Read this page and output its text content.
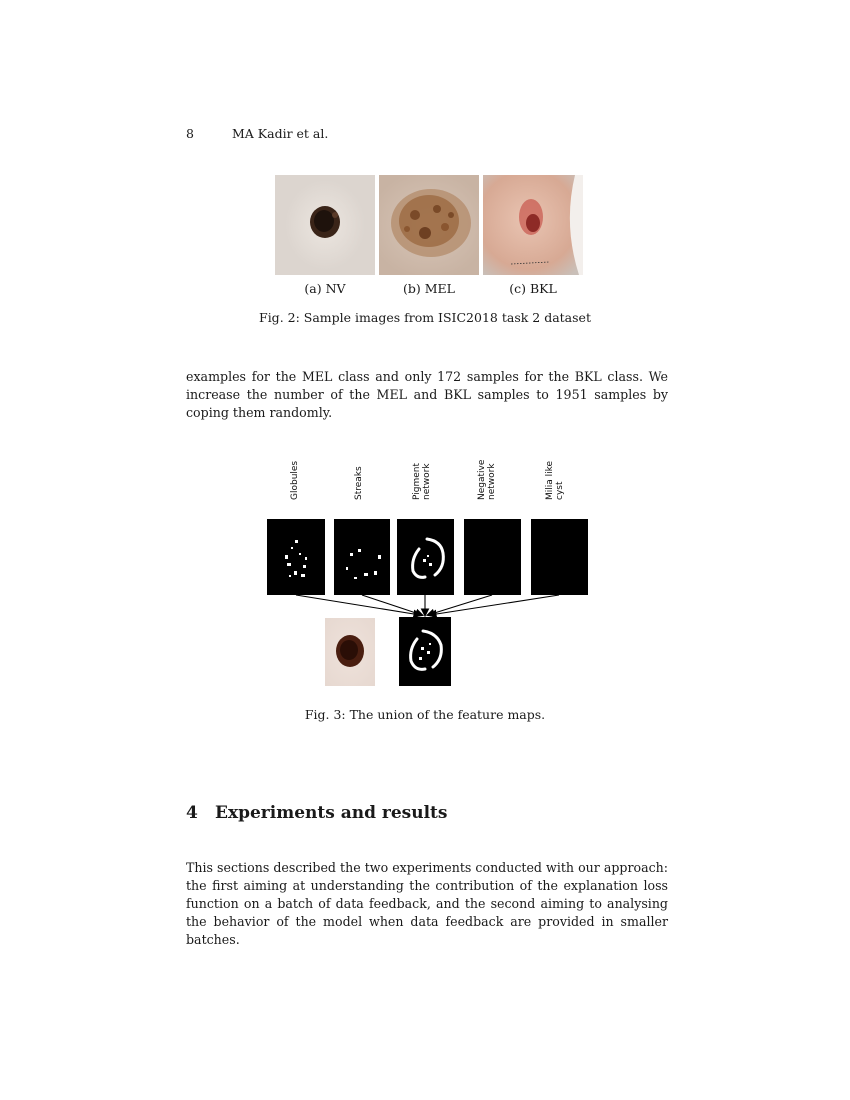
8	MA Kadir et al.
(a) NV	(b) MEL	(c) BKL
Fig. 2: Sample images from ISIC2018 task 2 dataset
examples for the MEL class and only 172 samples for the BKL class. We increase the number of the MEL and BKL samples to 1951 samples by coping them randomly.
Globules	Streaks	Pigment
network	Negative
network	Milia like
cyst
Fig. 3: The union of the feature maps.
4 Experiments and results
This sections described the two experiments conducted with our approach: the first aiming at understanding the contribution of the explanation loss function on a batch of data feedback, and the second aiming to analysing the behavior of the model when data feedback are provided in smaller batches.
